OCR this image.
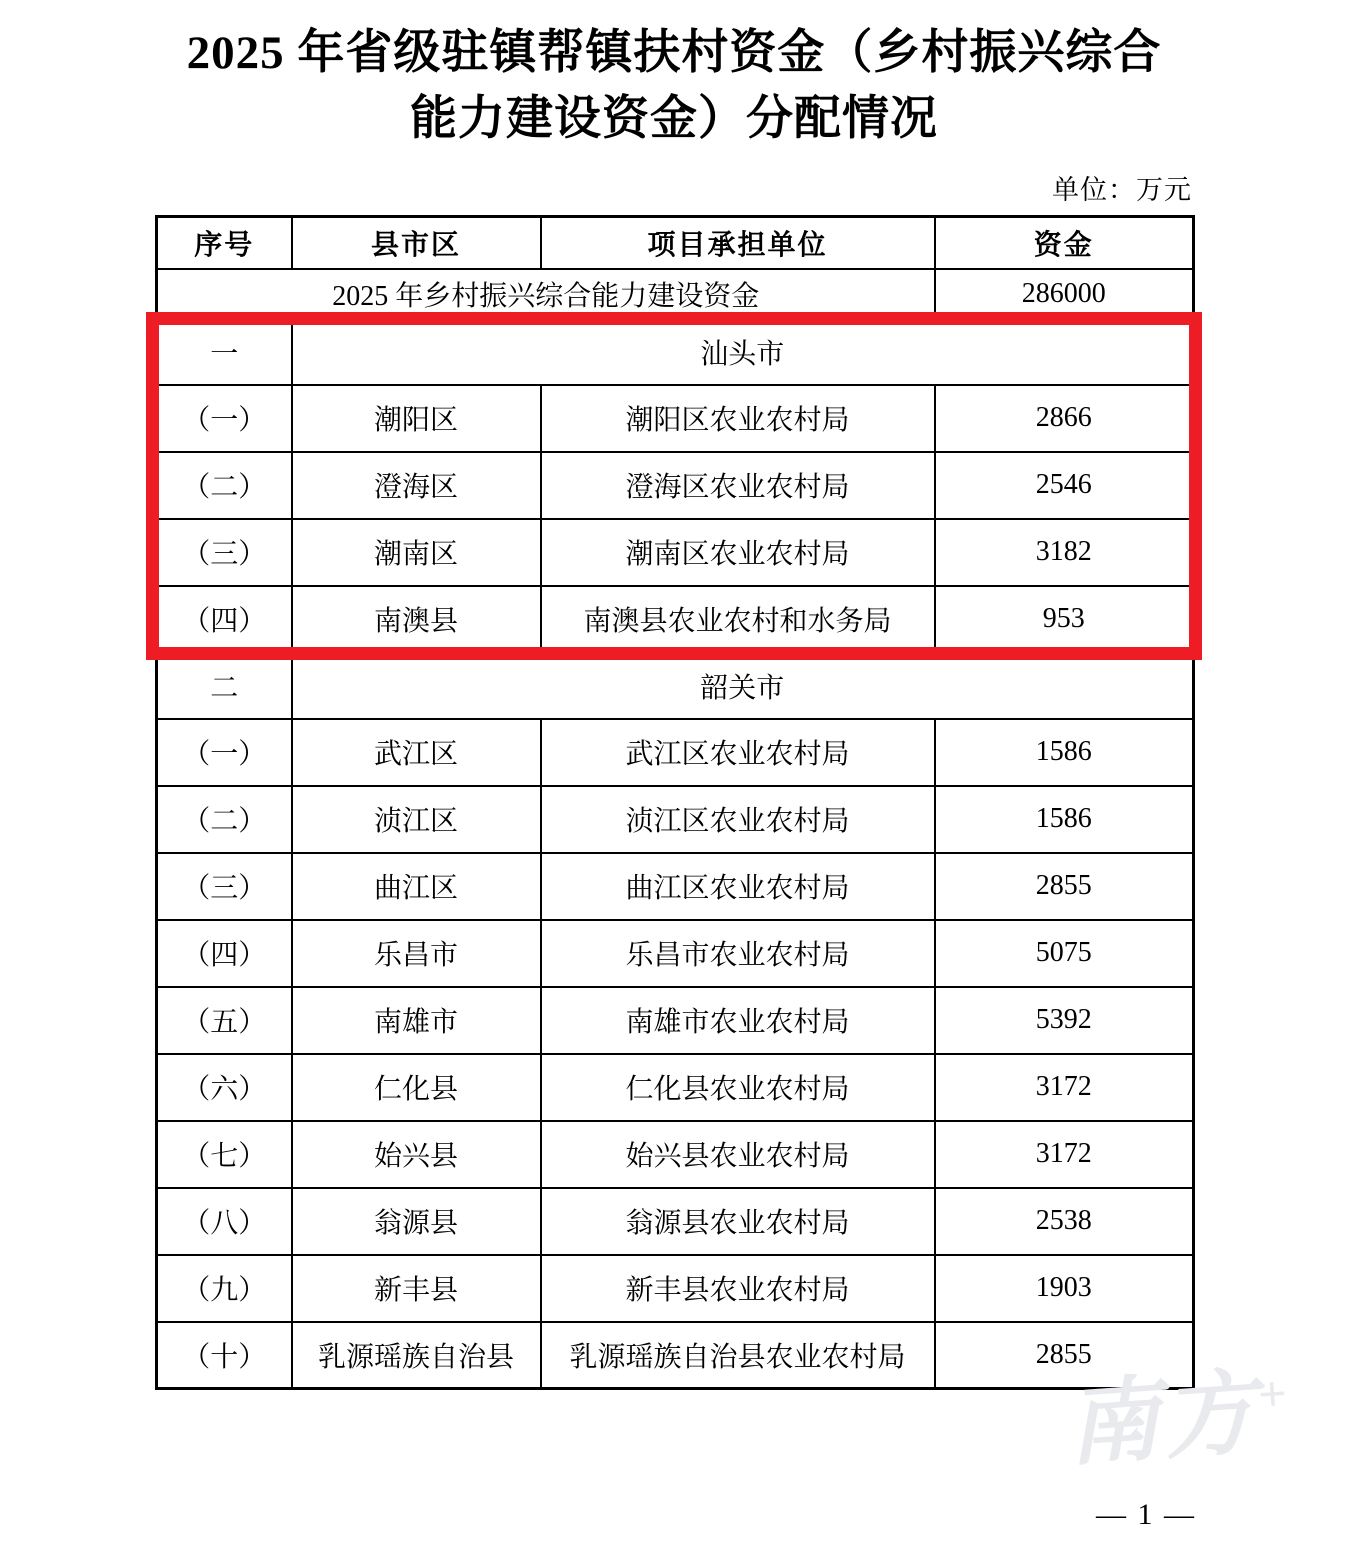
2025 年省级驻镇帮镇扶村资金（乡村振兴综合
能力建设资金）分配情况
单位：万元
序号	县市区	项目承担单位	资金
2025 年乡村振兴综合能力建设资金			286000
一	汕头市		
（一）	潮阳区	潮阳区农业农村局	2866
（二）	澄海区	澄海区农业农村局	2546
（三）	潮南区	潮南区农业农村局	3182
（四）	南澳县	南澳县农业农村和水务局	953
二	韶关市		
（一）	武江区	武江区农业农村局	1586
（二）	浈江区	浈江区农业农村局	1586
（三）	曲江区	曲江区农业农村局	2855
（四）	乐昌市	乐昌市农业农村局	5075
（五）	南雄市	南雄市农业农村局	5392
（六）	仁化县	仁化县农业农村局	3172
（七）	始兴县	始兴县农业农村局	3172
（八）	翁源县	翁源县农业农村局	2538
（九）	新丰县	新丰县农业农村局	1903
（十）	乳源瑶族自治县	乳源瑶族自治县农业农村局	2855
南方+
— 1 —
